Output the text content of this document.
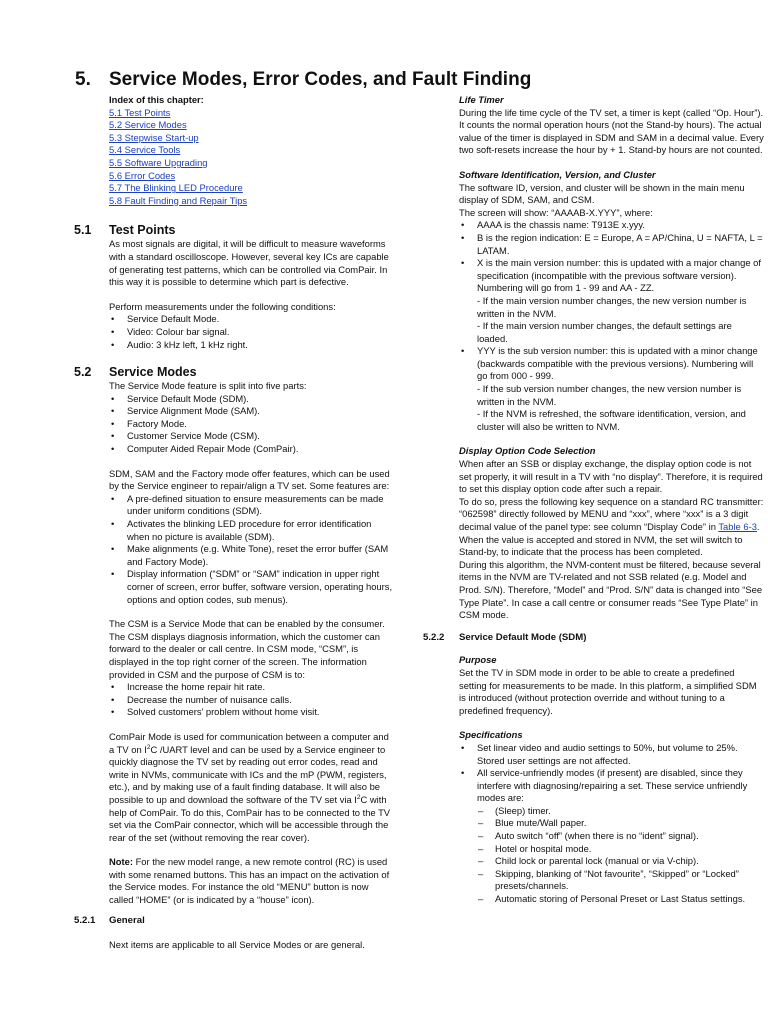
5. Service Modes, Error Codes, and Fault Finding

Index of this chapter:

5.1 Test Points
5.2 Service Modes
5.3 Stepwise Start-up
5.4 Service Tools
5.5 Software Upgrading
5.6 Error Codes
5.7 The Blinking LED Procedure
5.8 Fault Finding and Repair Tips
5.1 Test Points

As most signals are digital, it will be difficult to measure waveforms with a standard oscilloscope. However, several key ICs are capable of generating test patterns, which can be controlled via ComPair. In this way it is possible to determine which part is defective.

Perform measurements under the following conditions:

• Service Default Mode.
• Video: Colour bar signal.
• Audio: 3 kHz left, 1 kHz right.
5.2 Service Modes

The Service Mode feature is split into five parts:

• Service Default Mode (SDM).
• Service Alignment Mode (SAM).
• Factory Mode.
• Customer Service Mode (CSM).
• Computer Aided Repair Mode (ComPair).

SDM, SAM and the Factory mode offer features, which can be used by the Service engineer to repair/align a TV set. Some features are:

• A pre-defined situation to ensure measurements can be made under uniform conditions (SDM).
• Activates the blinking LED procedure for error identification when no picture is available (SDM).
• Make alignments (e.g. White Tone), reset the error buffer (SAM and Factory Mode).
• Display information (“SDM” or “SAM” indication in upper right corner of screen, error buffer, software version, operating hours, options and option codes, sub menus).

The CSM is a Service Mode that can be enabled by the consumer. The CSM displays diagnosis information, which the customer can forward to the dealer or call centre. In CSM mode, “CSM”, is displayed in the top right corner of the screen. The information provided in CSM and the purpose of CSM is to:

• Increase the home repair hit rate.
• Decrease the number of nuisance calls.
• Solved customers’ problem without home visit.

ComPair Mode is used for communication between a computer and a TV on $I^2C$ /UART level and can be used by a Service engineer to quickly diagnose the TV set by reading out error codes, read and write in NVMs, communicate with ICs and the mP (PWM, registers, etc.), and by making use of a fault finding database. It will also be possible to up and download the software of the TV set via $I^2C$ with help of ComPair. To do this, ComPair has to be connected to the TV set via the ComPair connector, which will be accessible through the rear of the set (without removing the rear cover).

Note: For the new model range, a new remote control (RC) is used with some renamed buttons. This has an impact on the activation of the Service modes. For instance the old “MENU” button is now called “HOME” (or is indicated by a “house” icon).

5.2.1 General

Next items are applicable to all Service Modes or are general.

Life Timer

During the life time cycle of the TV set, a timer is kept (called “Op. Hour”). It counts the normal operation hours (not the Stand-by hours). The actual value of the timer is displayed in SDM and SAM in a decimal value. Every two soft-resets increase the hour by + 1. Stand-by hours are not counted.

Software Identification, Version, and Cluster

The software ID, version, and cluster will be shown in the main menu display of SDM, SAM, and CSM.

The screen will show: “AAAAB-X.YYY”, where:

• AAAA is the chassis name: T913E x.yyy.
• B is the region indication: E = Europe, A = AP/China, U = NAFTA, L = LATAM.
• X is the main version number: this is updated with a major change of specification (incompatible with the previous software version). Numbering will go from 1 - 99 and AA - ZZ.
- If the main version number changes, the new version number is written in the NVM.
- If the main version number changes, the default settings are loaded.
• YYY is the sub version number: this is updated with a minor change (backwards compatible with the previous versions). Numbering will go from 000 - 999.
- If the sub version number changes, the new version number is written in the NVM.
- If the NVM is refreshed, the software identification, version, and cluster will also be written to NVM.

Display Option Code Selection

When after an SSB or display exchange, the display option code is not set properly, it will result in a TV with “no display”. Therefore, it is required to set this display option code after such a repair.

To do so, press the following key sequence on a standard RC transmitter: “062598” directly followed by MENU and “xxx”, where “xxx” is a 3 digit decimal value of the panel type: see column “Display Code” in Table 6-3. When the value is accepted and stored in NVM, the set will switch to Stand-by, to indicate that the process has been completed.

During this algorithm, the NVM-content must be filtered, because several items in the NVM are TV-related and not SSB related (e.g. Model and Prod. S/N). Therefore, “Model” and “Prod. S/N” data is changed into “See Type Plate”. In case a call centre or consumer reads “See Type Plate” in CSM mode.

5.2.2 Service Default Mode (SDM)

Purpose

Set the TV in SDM mode in order to be able to create a predefined setting for measurements to be made. In this platform, a simplified SDM is introduced (without protection override and without tuning to a predefined frequency).

Specifications

• Set linear video and audio settings to 50%, but volume to 25%. Stored user settings are not affected.
• All service-unfriendly modes (if present) are disabled, since they interfere with diagnosing/repairing a set. These service unfriendly modes are:
– (Sleep) timer.
– Blue mute/Wall paper.
– Auto switch “off” (when there is no “ident” signal).
– Hotel or hospital mode.
– Child lock or parental lock (manual or via V-chip).
– Skipping, blanking of “Not favourite”, “Skipped” or “Locked” presets/channels.
– Automatic storing of Personal Preset or Last Status settings.
